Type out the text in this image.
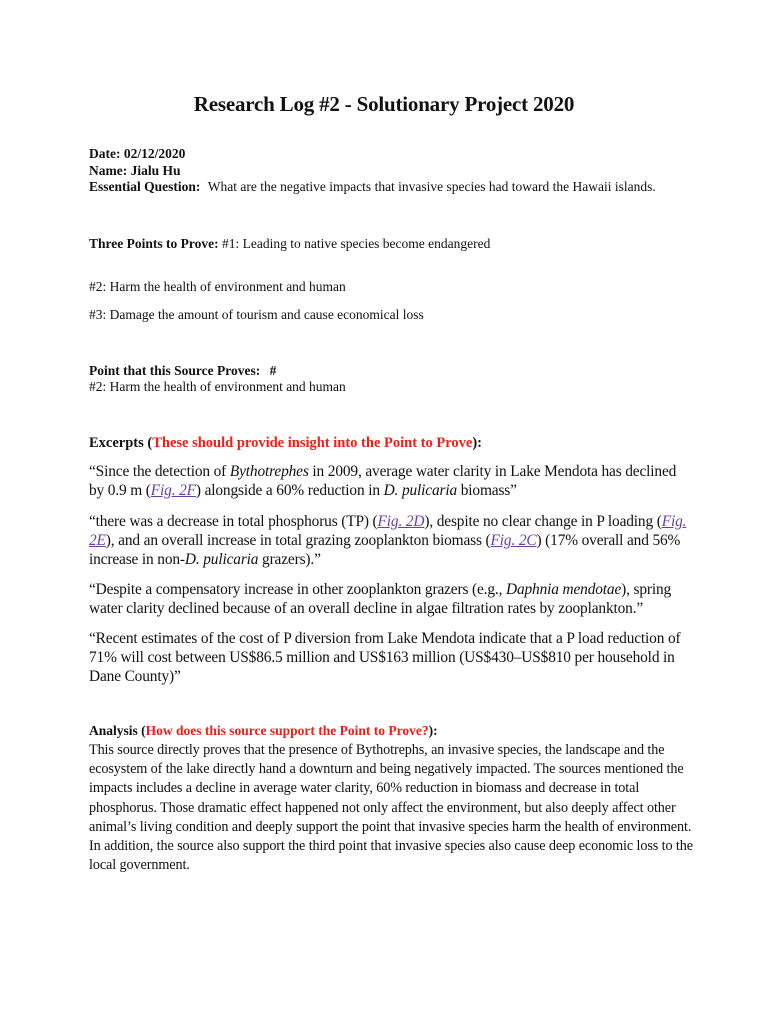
Research Log #2 - Solutionary Project 2020
Date: 02/12/2020
Name: Jialu Hu
Essential Question: What are the negative impacts that invasive species had toward the Hawaii islands.
Three Points to Prove: #1: Leading to native species become endangered
#2: Harm the health of environment and human
#3: Damage the amount of tourism and cause economical loss
Point that this Source Proves: #
#2: Harm the health of environment and human
Excerpts (These should provide insight into the Point to Prove):
“Since the detection of Bythotrephes in 2009, average water clarity in Lake Mendota has declined by 0.9 m (Fig. 2F) alongside a 60% reduction in D. pulicaria biomass”
“there was a decrease in total phosphorus (TP) (Fig. 2D), despite no clear change in P loading (Fig. 2E), and an overall increase in total grazing zooplankton biomass (Fig. 2C) (17% overall and 56% increase in non-D. pulicaria grazers).”
“Despite a compensatory increase in other zooplankton grazers (e.g., Daphnia mendotae), spring water clarity declined because of an overall decline in algae filtration rates by zooplankton.”
“Recent estimates of the cost of P diversion from Lake Mendota indicate that a P load reduction of 71% will cost between US$86.5 million and US$163 million (US$430–US$810 per household in Dane County)”
Analysis (How does this source support the Point to Prove?):
This source directly proves that the presence of Bythotrephs, an invasive species, the landscape and the ecosystem of the lake directly hand a downturn and being negatively impacted. The sources mentioned the impacts includes a decline in average water clarity, 60% reduction in biomass and decrease in total phosphorus. Those dramatic effect happened not only affect the environment, but also deeply affect other animal’s living condition and deeply support the point that invasive species harm the health of environment. In addition, the source also support the third point that invasive species also cause deep economic loss to the local government.
